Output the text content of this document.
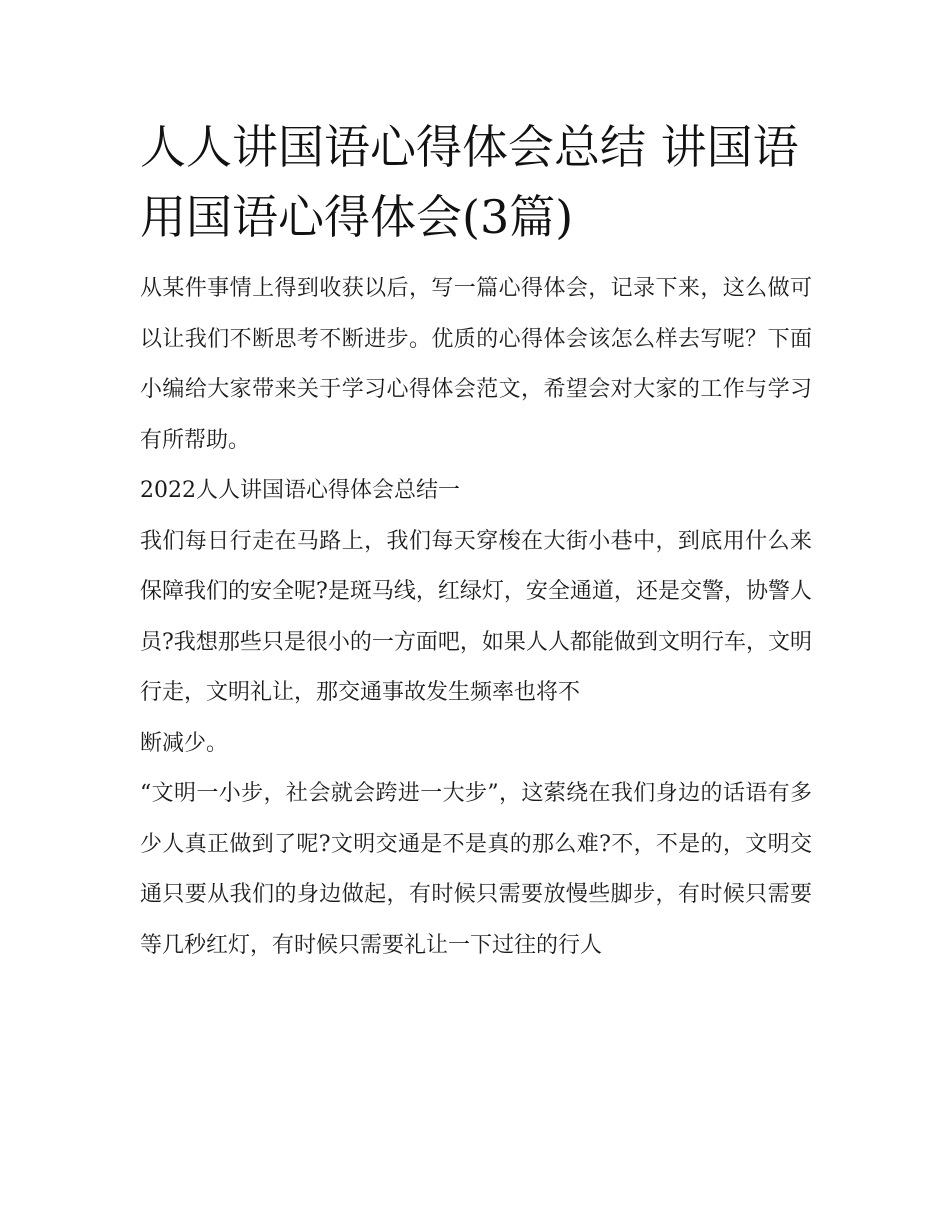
人人讲国语心得体会总结 讲国语用国语心得体会(3篇)

从某件事情上得到收获以后，写一篇心得体会，记录下来，这么做可以让我们不断思考不断进步。优质的心得体会该怎么样去写呢？下面小编给大家带来关于学习心得体会范文，希望会对大家的工作与学习有所帮助。

2022人人讲国语心得体会总结一

我们每日行走在马路上，我们每天穿梭在大街小巷中，到底用什么来保障我们的安全呢?是斑马线，红绿灯，安全通道，还是交警，协警人员?我想那些只是很小的一方面吧，如果人人都能做到文明行车，文明行走，文明礼让，那交通事故发生频率也将不

断减少。

“文明一小步，社会就会跨进一大步”，这萦绕在我们身边的话语有多少人真正做到了呢?文明交通是不是真的那么难?不，不是的，文明交通只要从我们的身边做起，有时候只需要放慢些脚步，有时候只需要等几秒红灯，有时候只需要礼让一下过往的行人
